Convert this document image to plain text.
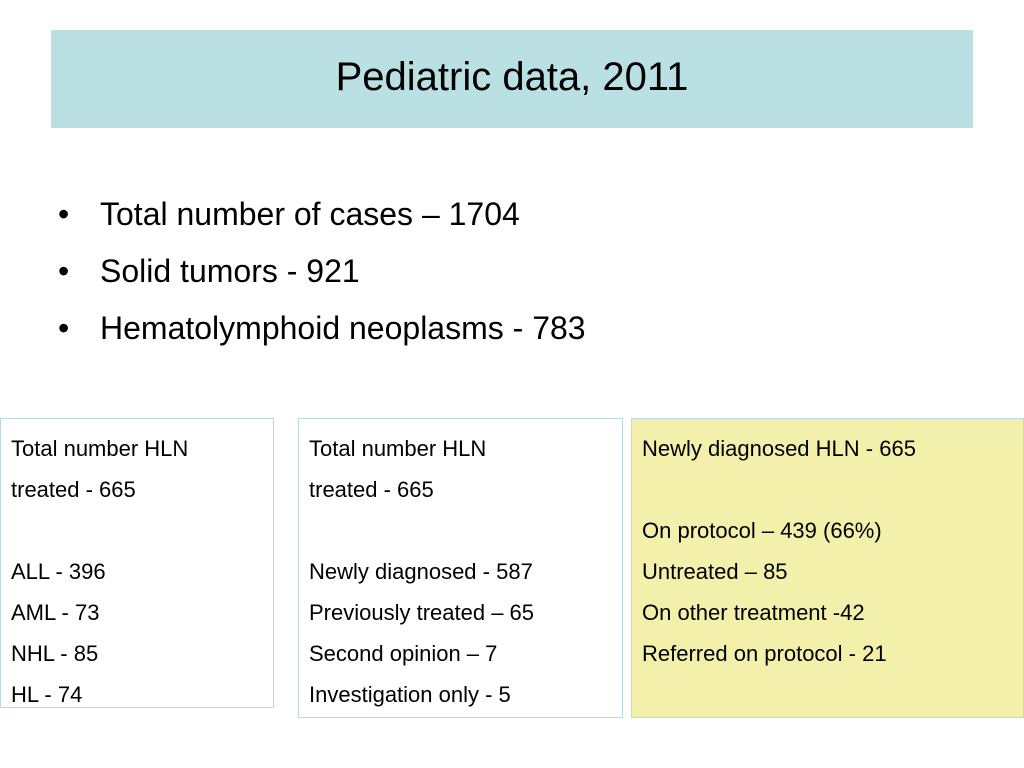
Pediatric data, 2011
• Total number of cases – 1704
• Solid tumors - 921
• Hematolymphoid neoplasms - 783
Total number HLN
treated - 665
ALL - 396
AML - 73
NHL - 85
HL - 74
Total number HLN
treated - 665
Newly diagnosed - 587
Previously treated – 65
Second opinion – 7
Investigation only - 5
Newly diagnosed HLN - 665
On protocol – 439 (66%)
Untreated – 85
On other treatment -42
Referred on protocol - 21
